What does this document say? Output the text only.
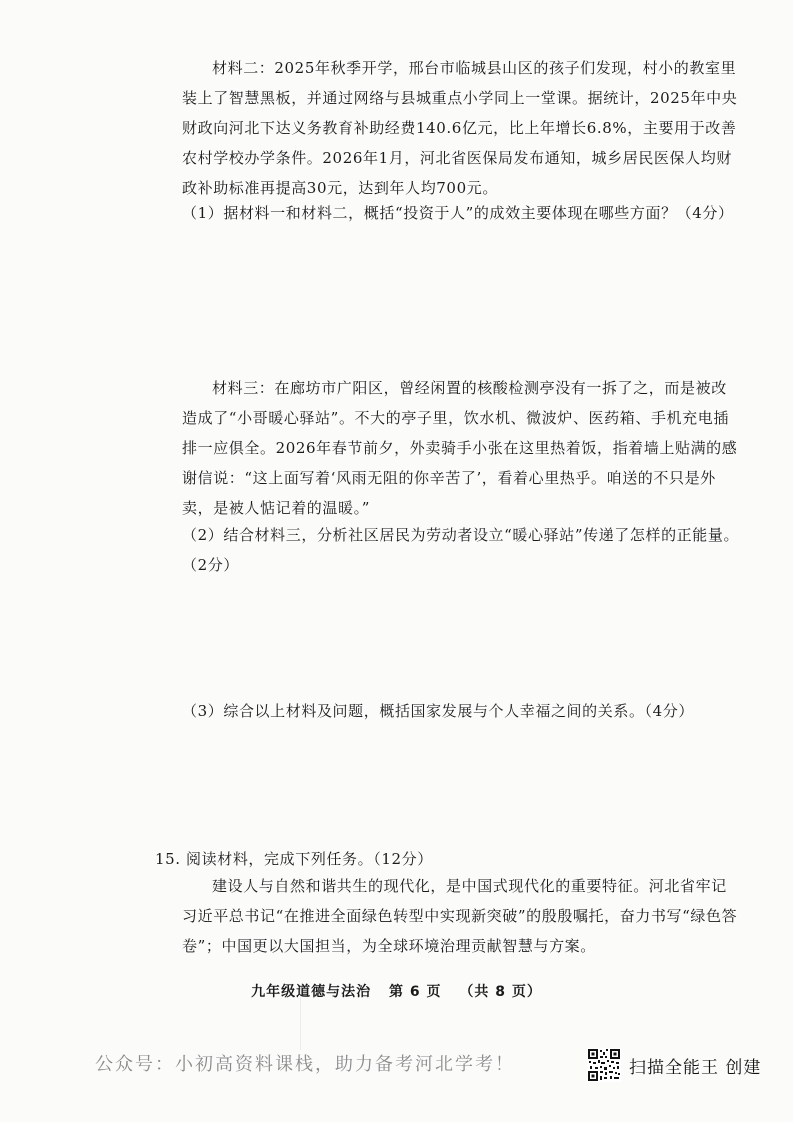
材料二：2025年秋季开学，邢台市临城县山区的孩子们发现，村小的教室里装上了智慧黑板，并通过网络与县城重点小学同上一堂课。据统计，2025年中央财政向河北下达义务教育补助经费140.6亿元，比上年增长6.8%，主要用于改善农村学校办学条件。2026年1月，河北省医保局发布通知，城乡居民医保人均财政补助标准再提高30元，达到年人均700元。

（1）据材料一和材料二，概括“投资于人”的成效主要体现在哪些方面？（4分）

材料三：在廊坊市广阳区，曾经闲置的核酸检测亭没有一拆了之，而是被改造成了“小哥暖心驿站”。不大的亭子里，饮水机、微波炉、医药箱、手机充电插排一应俱全。2026年春节前夕，外卖骑手小张在这里热着饭，指着墙上贴满的感谢信说：“这上面写着‘风雨无阻的你辛苦了’，看着心里热乎。咱送的不只是外卖，是被人惦记着的温暖。”

（2）结合材料三，分析社区居民为劳动者设立“暖心驿站”传递了怎样的正能量。（2分）

（3）综合以上材料及问题，概括国家发展与个人幸福之间的关系。（4分）

15. 阅读材料，完成下列任务。（12分）

建设人与自然和谐共生的现代化，是中国式现代化的重要特征。河北省牢记习近平总书记“在推进全面绿色转型中实现新突破”的殷殷嘱托，奋力书写“绿色答卷”；中国更以大国担当，为全球环境治理贡献智慧与方案。

九年级道德与法治 第 6 页 （共 8 页）
公众号：小初高资料课栈，助力备考河北学考！	扫描全能王 创建
